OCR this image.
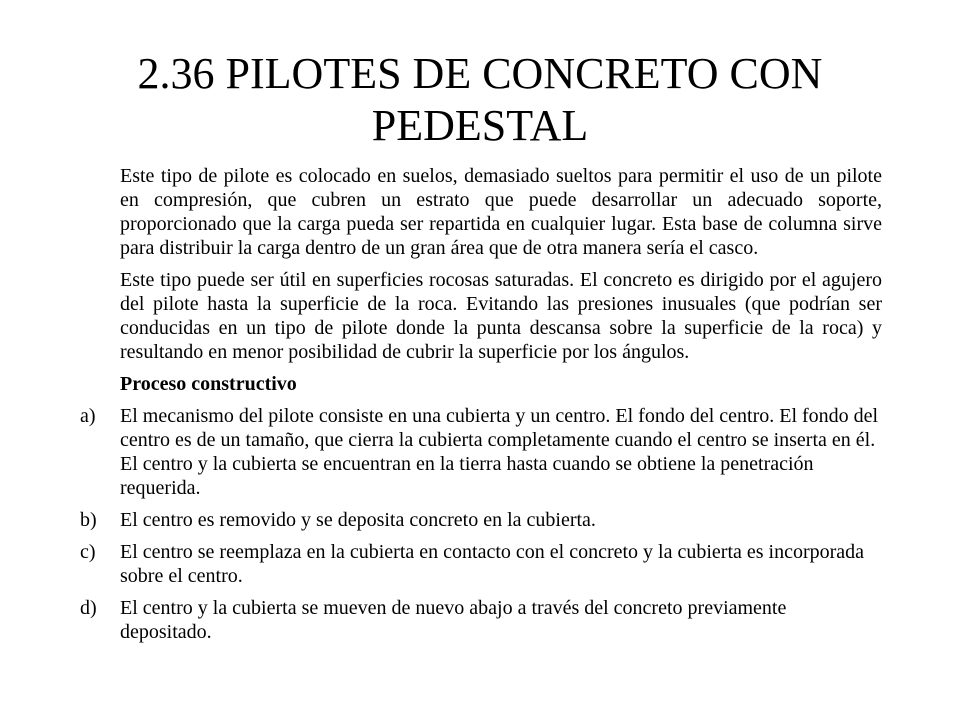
2.36 PILOTES DE CONCRETO CON
PEDESTAL

Este tipo de pilote es colocado en suelos, demasiado sueltos para permitir el uso de un pilote en compresión, que cubren un estrato que puede desarrollar un adecuado soporte, proporcionado que la carga pueda ser repartida en cualquier lugar. Esta base de columna sirve para distribuir la carga dentro de un gran área que de otra manera sería el casco.

Este tipo puede ser útil en superficies rocosas saturadas. El concreto es dirigido por el agujero del pilote hasta la superficie de la roca. Evitando las presiones inusuales (que podrían ser conducidas en un tipo de pilote donde la punta descansa sobre la superficie de la roca) y resultando en menor posibilidad de cubrir la superficie por los ángulos.

Proceso constructivo

a) El mecanismo del pilote consiste en una cubierta y un centro. El fondo del centro. El fondo del centro es de un tamaño, que cierra la cubierta completamente cuando el centro se inserta en él. El centro y la cubierta se encuentran en la tierra hasta cuando se obtiene la penetración requerida.
b) El centro es removido y se deposita concreto en la cubierta.
c) El centro se reemplaza en la cubierta en contacto con el concreto y la cubierta es incorporada sobre el centro.
d) El centro y la cubierta se mueven de nuevo abajo a través del concreto previamente depositado.
